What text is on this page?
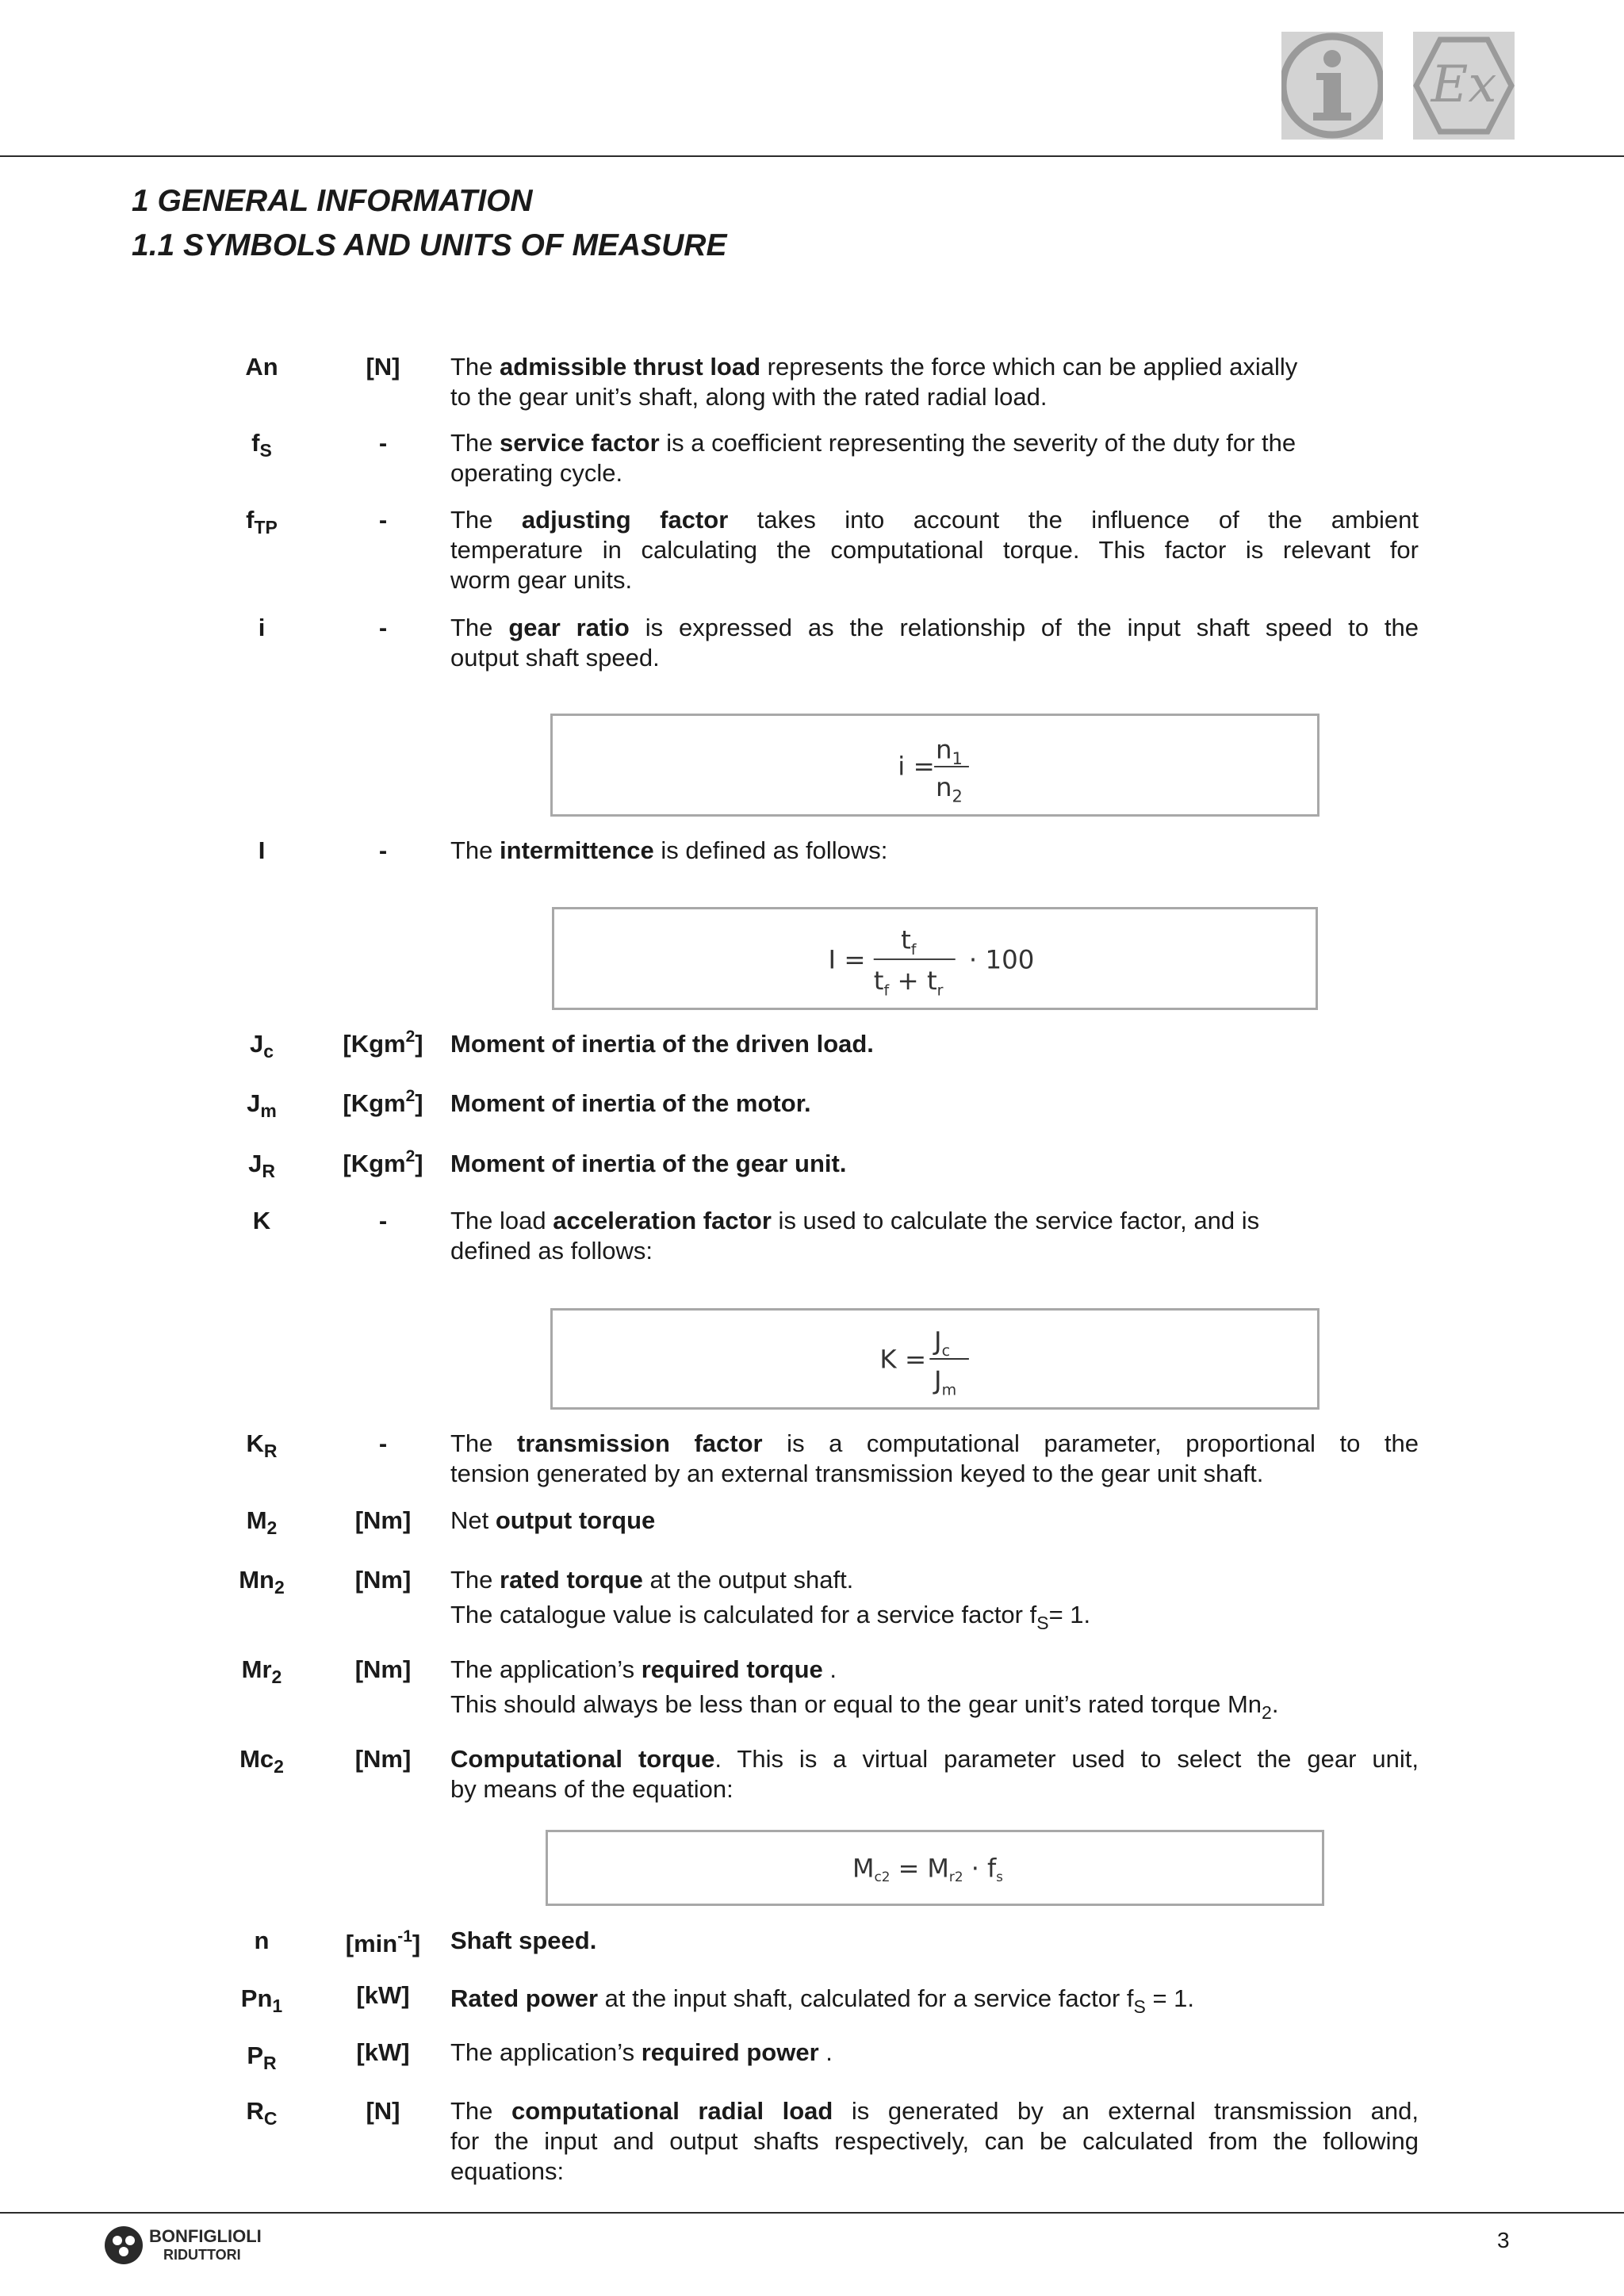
Ex
1 GENERAL INFORMATION
1.1 SYMBOLS AND UNITS OF MEASURE
An	[N]	The admissible thrust load represents the force which can be applied axially
to the gear unit’s shaft, along with the rated radial load.
$f_S$	-	The service factor is a coefficient representing the severity of the duty for the
operating cycle.
$f_{TP}$	-	The adjusting factor takes into account the influence of the ambient
temperature in calculating the computational torque. This factor is relevant for
worm gear units.
i	-	The gear ratio is expressed as the relationship of the input shaft speed to the
output shaft speed.
i =
$n_1$
$n_2$
I	-	The intermittence is defined as follows:
I =
$t_f$
$t_f + t_r$
· 100
$J_c$	[Kgm$^2$]	Moment of inertia of the driven load.
$J_m$	[Kgm$^2$]	Moment of inertia of the motor.
$J_R$	[Kgm$^2$]	Moment of inertia of the gear unit.
K	-	The load acceleration factor is used to calculate the service factor, and is
defined as follows:
K =
$J_c$
$J_m$
$K_R$	-	The transmission factor is a computational parameter, proportional to the
tension generated by an external transmission keyed to the gear unit shaft.
$M_2$	[Nm]	Net output torque
$Mn_2$	[Nm]	The rated torque at the output shaft.
The catalogue value is calculated for a service factor $f_S= 1$.
$Mr_2$	[Nm]	The application’s required torque .
This should always be less than or equal to the gear unit’s rated torque $Mn_2$.
$Mc_2$	[Nm]	Computational torque. This is a virtual parameter used to select the gear unit,
by means of the equation:
Mc2 = Mr2 · fs
n	$[\min^{-1}]$	Shaft speed.
$Pn_1$	[kW]	Rated power at the input shaft, calculated for a service factor $f_S = 1$.
$P_R$	[kW]	The application’s required power .
$R_C$	[N]	The computational radial load is generated by an external transmission and,
for the input and output shafts respectively, can be calculated from the following
equations:
BONFIGLIOLI
RIDUTTORI
3
